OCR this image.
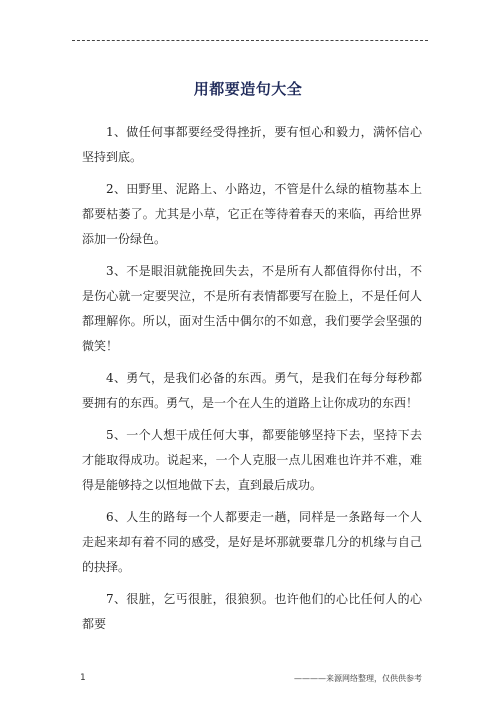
用都要造句大全

1、做任何事都要经受得挫折，要有恒心和毅力，满怀信心坚持到底。

2、田野里、泥路上、小路边，不管是什么绿的植物基本上都要枯萎了。尤其是小草，它正在等待着春天的来临，再给世界添加一份绿色。

3、不是眼泪就能挽回失去，不是所有人都值得你付出，不是伤心就一定要哭泣，不是所有表情都要写在脸上，不是任何人都理解你。所以，面对生活中偶尔的不如意，我们要学会坚强的微笑！

4、勇气，是我们必备的东西。勇气，是我们在每分每秒都要拥有的东西。勇气，是一个在人生的道路上让你成功的东西！

5、一个人想干成任何大事，都要能够坚持下去，坚持下去才能取得成功。说起来，一个人克服一点儿困难也许并不难，难得是能够持之以恒地做下去，直到最后成功。

6、人生的路每一个人都要走一趟，同样是一条路每一个人走起来却有着不同的感受，是好是坏那就要靠几分的机缘与自己的抉择。

7、很脏，乞丐很脏，很狼狈。也许他们的心比任何人的心都要

1	————来源网络整理，仅供供参考
